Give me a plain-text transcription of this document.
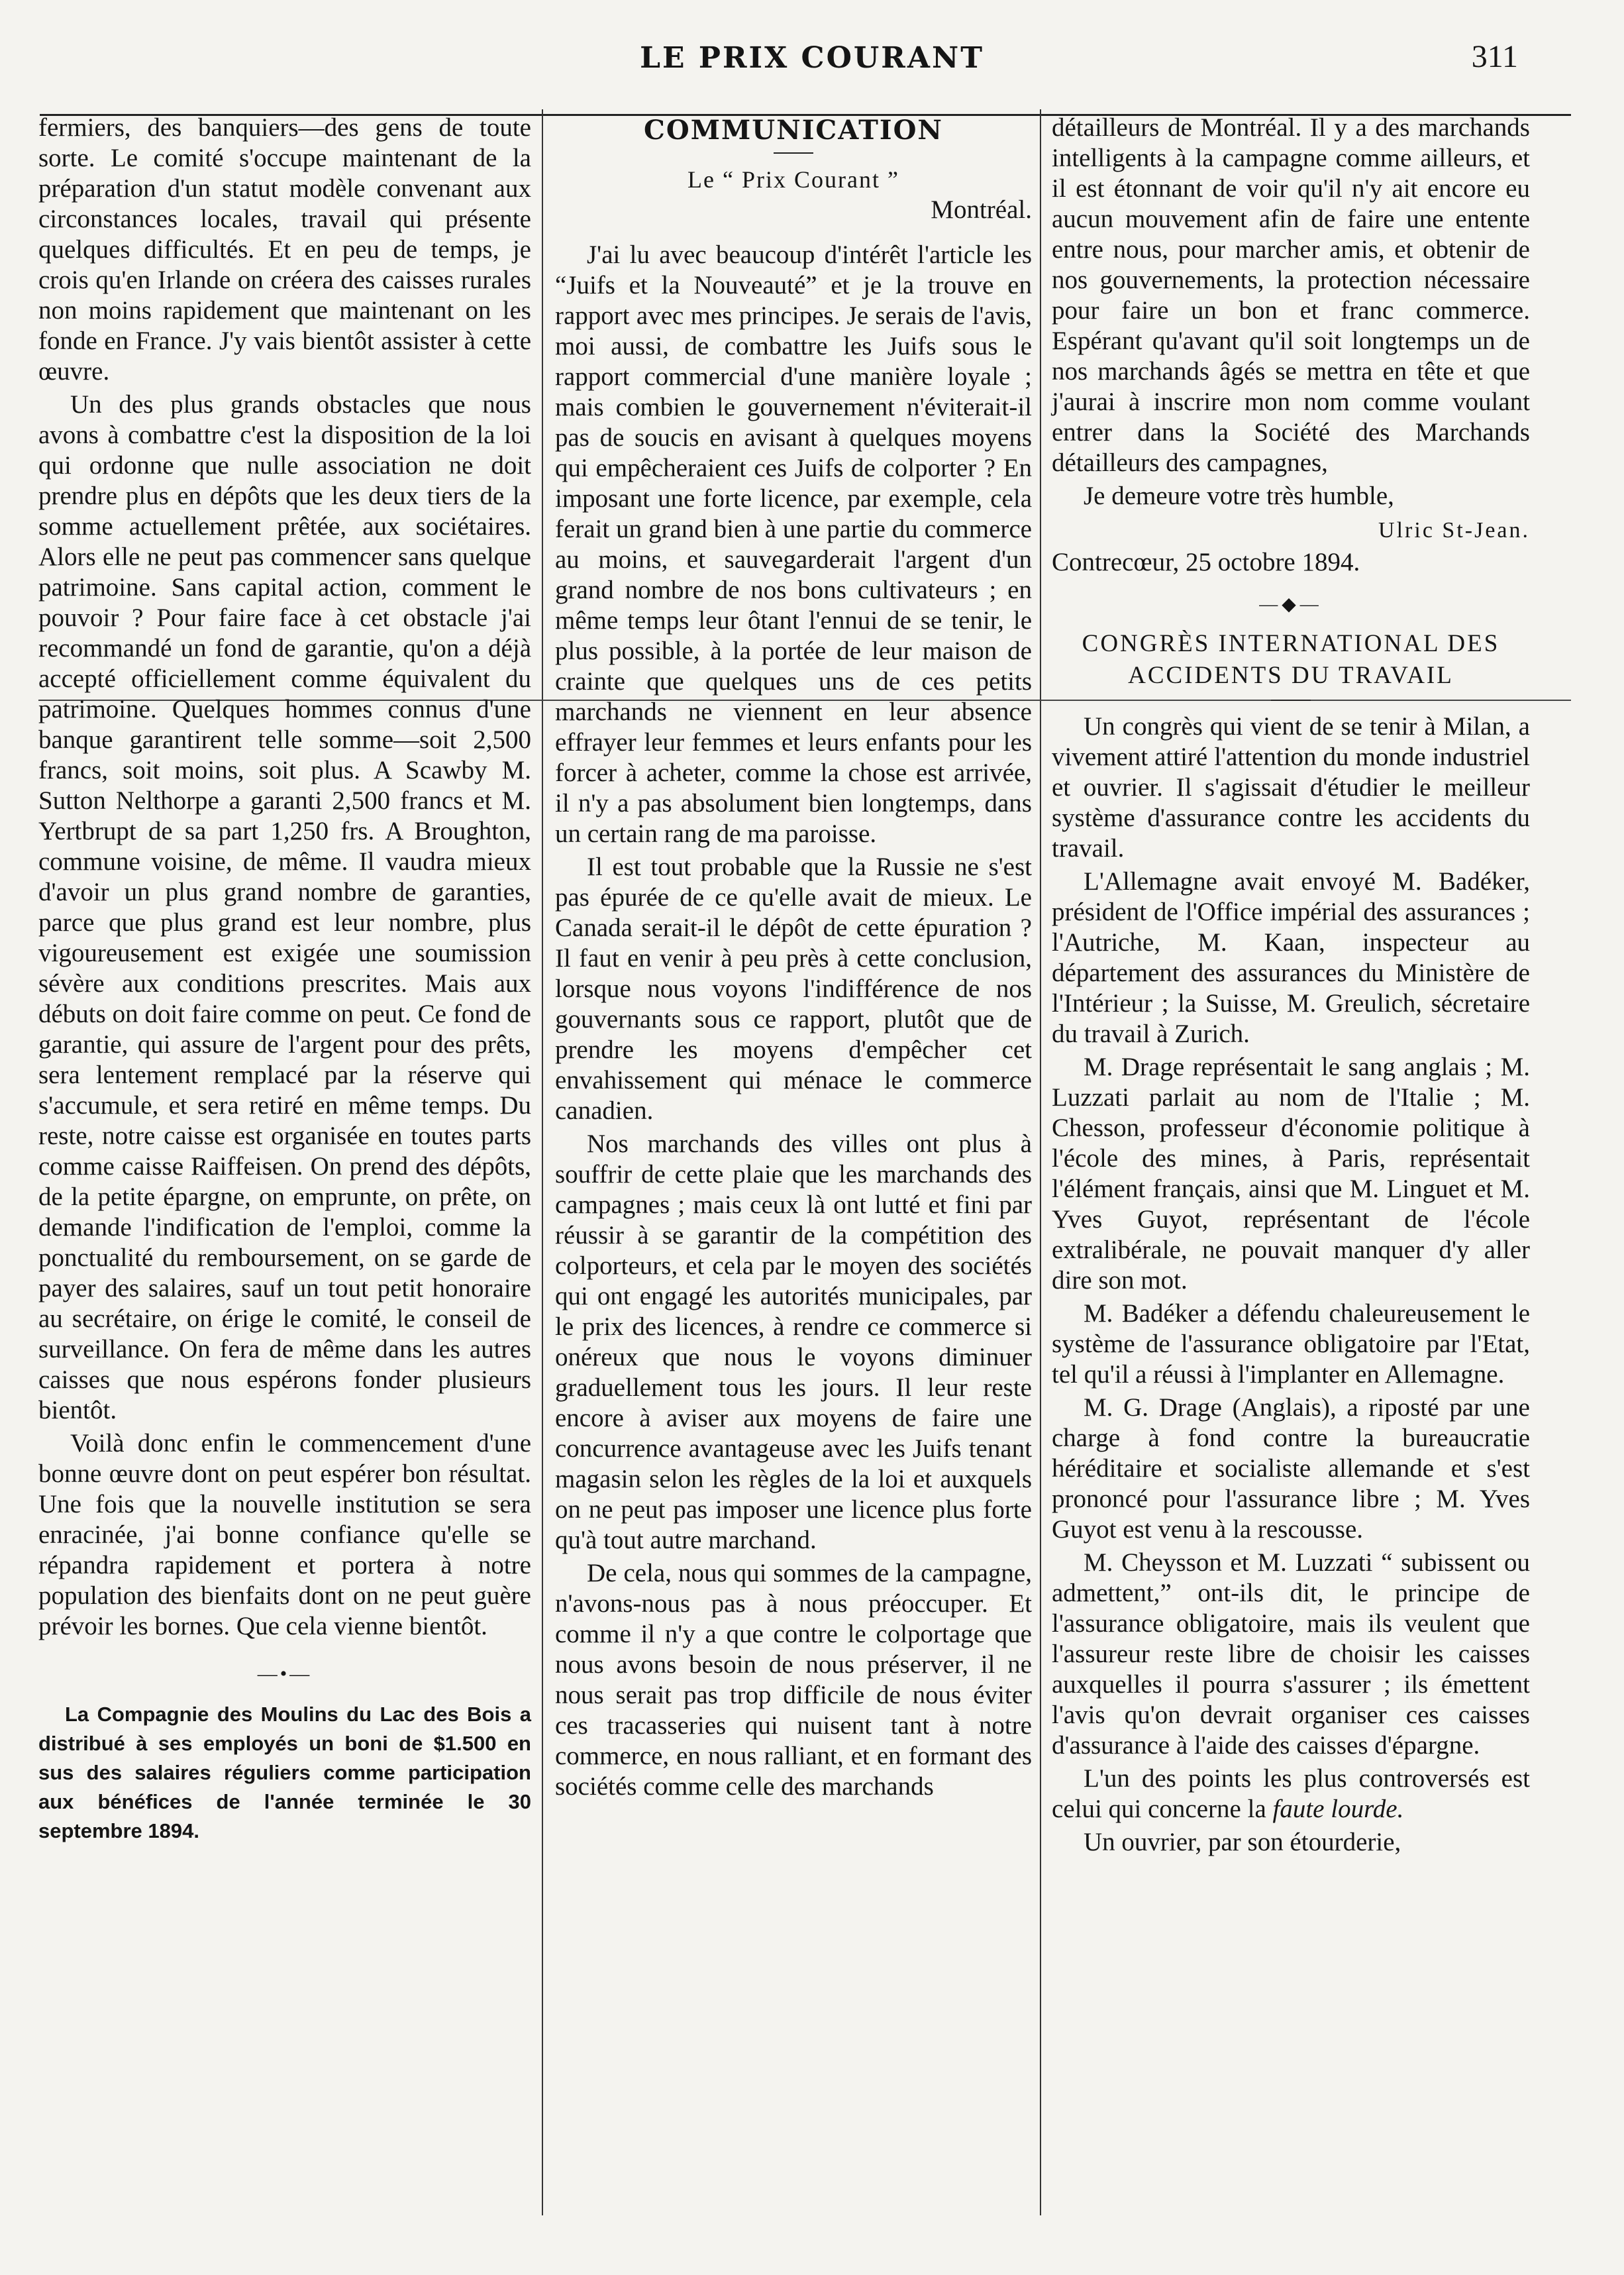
LE PRIX COURANT	311

fermiers, des banquiers—des gens de toute sorte. Le comité s'occupe maintenant de la préparation d'un statut modèle convenant aux circonstances locales, travail qui présente quelques difficultés. Et en peu de temps, je crois qu'en Irlande on créera des caisses rurales non moins rapidement que maintenant on les fonde en France. J'y vais bientôt assister à cette œuvre.

Un des plus grands obstacles que nous avons à combattre c'est la disposition de la loi qui ordonne que nulle association ne doit prendre plus en dépôts que les deux tiers de la somme actuellement prêtée, aux sociétaires. Alors elle ne peut pas commencer sans quelque patrimoine. Sans capital action, comment le pouvoir ? Pour faire face à cet obstacle j'ai recommandé un fond de garantie, qu'on a déjà accepté officiellement comme équivalent du patrimoine. Quelques hommes connus d'une banque garantirent telle somme—soit 2,500 francs, soit moins, soit plus. A Scawby M. Sutton Nelthorpe a garanti 2,500 francs et M. Yertbrupt de sa part 1,250 frs. A Broughton, commune voisine, de même. Il vaudra mieux d'avoir un plus grand nombre de garanties, parce que plus grand est leur nombre, plus vigoureusement est exigée une soumission sévère aux conditions prescrites. Mais aux débuts on doit faire comme on peut. Ce fond de garantie, qui assure de l'argent pour des prêts, sera lentement remplacé par la réserve qui s'accumule, et sera retiré en même temps. Du reste, notre caisse est organisée en toutes parts comme caisse Raiffeisen. On prend des dépôts, de la petite épargne, on emprunte, on prête, on demande l'indification de l'emploi, comme la ponctualité du remboursement, on se garde de payer des salaires, sauf un tout petit honoraire au secrétaire, on érige le comité, le conseil de surveillance. On fera de même dans les autres caisses que nous espérons fonder plusieurs bientôt.

Voilà donc enfin le commencement d'une bonne œuvre dont on peut espérer bon résultat. Une fois que la nouvelle institution se sera enracinée, j'ai bonne confiance qu'elle se répandra rapidement et portera à notre population des bienfaits dont on ne peut guère prévoir les bornes. Que cela vienne bientôt.

―•―

La Compagnie des Moulins du Lac des Bois a distribué à ses employés un boni de $1.500 en sus des salaires réguliers comme participation aux bénéfices de l'année terminée le 30 septembre 1894.

COMMUNICATION
Le “ Prix Courant ”
Montréal.

J'ai lu avec beaucoup d'intérêt l'article les “Juifs et la Nouveauté” et je la trouve en rapport avec mes principes. Je serais de l'avis, moi aussi, de combattre les Juifs sous le rapport commercial d'une manière loyale ; mais combien le gouvernement n'éviterait-il pas de soucis en avisant à quelques moyens qui empêcheraient ces Juifs de colporter ? En imposant une forte licence, par exemple, cela ferait un grand bien à une partie du commerce au moins, et sauvegarderait l'argent d'un grand nombre de nos bons cultivateurs ; en même temps leur ôtant l'ennui de se tenir, le plus possible, à la portée de leur maison de crainte que quelques uns de ces petits marchands ne viennent en leur absence effrayer leur femmes et leurs enfants pour les forcer à acheter, comme la chose est arrivée, il n'y a pas absolument bien longtemps, dans un certain rang de ma paroisse.

Il est tout probable que la Russie ne s'est pas épurée de ce qu'elle avait de mieux. Le Canada serait-il le dépôt de cette épuration ? Il faut en venir à peu près à cette conclusion, lorsque nous voyons l'indifférence de nos gouvernants sous ce rapport, plutôt que de prendre les moyens d'empêcher cet envahissement qui ménace le commerce canadien.

Nos marchands des villes ont plus à souffrir de cette plaie que les marchands des campagnes ; mais ceux là ont lutté et fini par réussir à se garantir de la compétition des colporteurs, et cela par le moyen des sociétés qui ont engagé les autorités municipales, par le prix des licences, à rendre ce commerce si onéreux que nous le voyons diminuer graduellement tous les jours. Il leur reste encore à aviser aux moyens de faire une concurrence avantageuse avec les Juifs tenant magasin selon les règles de la loi et auxquels on ne peut pas imposer une licence plus forte qu'à tout autre marchand.

De cela, nous qui sommes de la campagne, n'avons-nous pas à nous préoccuper. Et comme il n'y a que contre le colportage que nous avons besoin de nous préserver, il ne nous serait pas trop difficile de nous éviter ces tracasseries qui nuisent tant à notre commerce, en nous ralliant, et en formant des sociétés comme celle des marchands

détailleurs de Montréal. Il y a des marchands intelligents à la campagne comme ailleurs, et il est étonnant de voir qu'il n'y ait encore eu aucun mouvement afin de faire une entente entre nous, pour marcher amis, et obtenir de nos gouvernements, la protection nécessaire pour faire un bon et franc commerce. Espérant qu'avant qu'il soit longtemps un de nos marchands âgés se mettra en tête et que j'aurai à inscrire mon nom comme voulant entrer dans la Société des Marchands détailleurs des campagnes,

Je demeure votre très humble,

Ulric St-Jean.
Contrecœur, 25 octobre 1894.
―◆―
CONGRÈS INTERNATIONAL DES ACCIDENTS DU TRAVAIL

Un congrès qui vient de se tenir à Milan, a vivement attiré l'attention du monde industriel et ouvrier. Il s'agissait d'étudier le meilleur système d'assurance contre les accidents du travail.

L'Allemagne avait envoyé M. Badéker, président de l'Office impérial des assurances ; l'Autriche, M. Kaan, inspecteur au département des assurances du Ministère de l'Intérieur ; la Suisse, M. Greulich, sécretaire du travail à Zurich.

M. Drage représentait le sang anglais ; M. Luzzati parlait au nom de l'Italie ; M. Chesson, professeur d'économie politique à l'école des mines, à Paris, représentait l'élément français, ainsi que M. Linguet et M. Yves Guyot, représentant de l'école extralibérale, ne pouvait manquer d'y aller dire son mot.

M. Badéker a défendu chaleureusement le système de l'assurance obligatoire par l'Etat, tel qu'il a réussi à l'implanter en Allemagne.

M. G. Drage (Anglais), a riposté par une charge à fond contre la bureaucratie héréditaire et socialiste allemande et s'est prononcé pour l'assurance libre ; M. Yves Guyot est venu à la rescousse.

M. Cheysson et M. Luzzati “ subissent ou admettent,” ont-ils dit, le principe de l'assurance obligatoire, mais ils veulent que l'assureur reste libre de choisir les caisses auxquelles il pourra s'assurer ; ils émettent l'avis qu'on devrait organiser ces caisses d'assurance à l'aide des caisses d'épargne.

L'un des points les plus controversés est celui qui concerne la faute lourde.

Un ouvrier, par son étourderie,
